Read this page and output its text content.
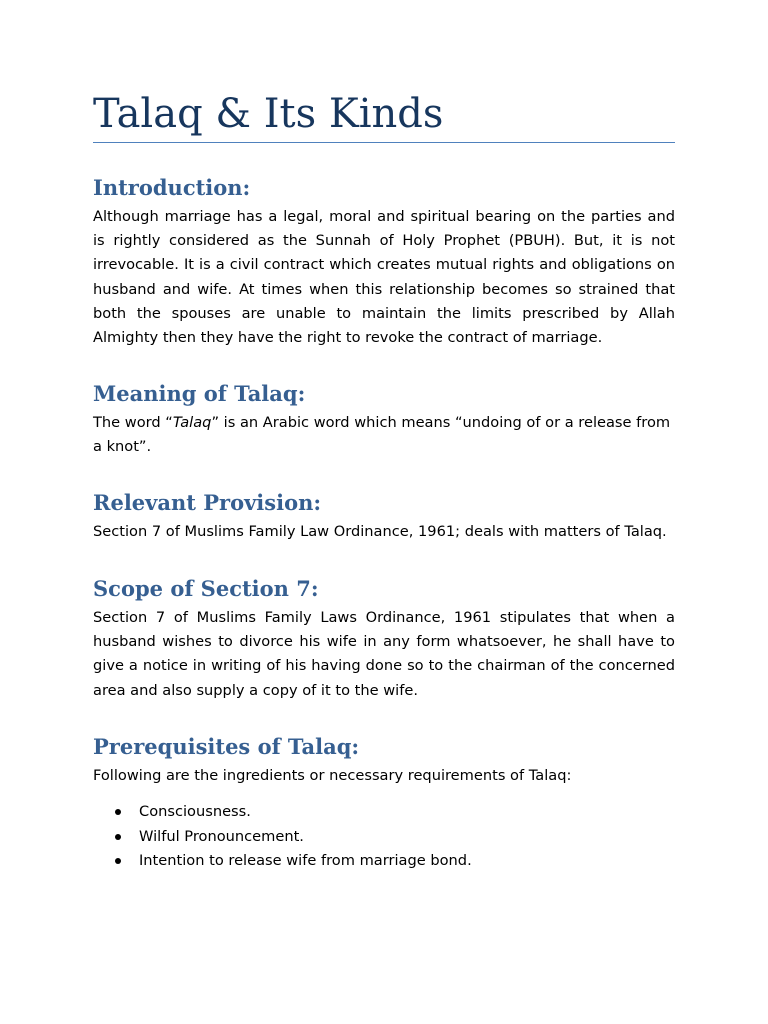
Talaq & Its Kinds
Introduction:

Although marriage has a legal, moral and spiritual bearing on the parties and is rightly considered as the Sunnah of Holy Prophet (PBUH). But, it is not irrevocable. It is a civil contract which creates mutual rights and obligations on husband and wife. At times when this relationship becomes so strained that both the spouses are unable to maintain the limits prescribed by Allah Almighty then they have the right to revoke the contract of marriage.

Meaning of Talaq:

The word “Talaq” is an Arabic word which means “undoing of or a release from a knot”.

Relevant Provision:

Section 7 of Muslims Family Law Ordinance, 1961; deals with matters of Talaq.

Scope of Section 7:

Section 7 of Muslims Family Laws Ordinance, 1961 stipulates that when a husband wishes to divorce his wife in any form whatsoever, he shall have to give a notice in writing of his having done so to the chairman of the concerned area and also supply a copy of it to the wife.

Prerequisites of Talaq:

Following are the ingredients or necessary requirements of Talaq:

Consciousness.
Wilful Pronouncement.
Intention to release wife from marriage bond.
